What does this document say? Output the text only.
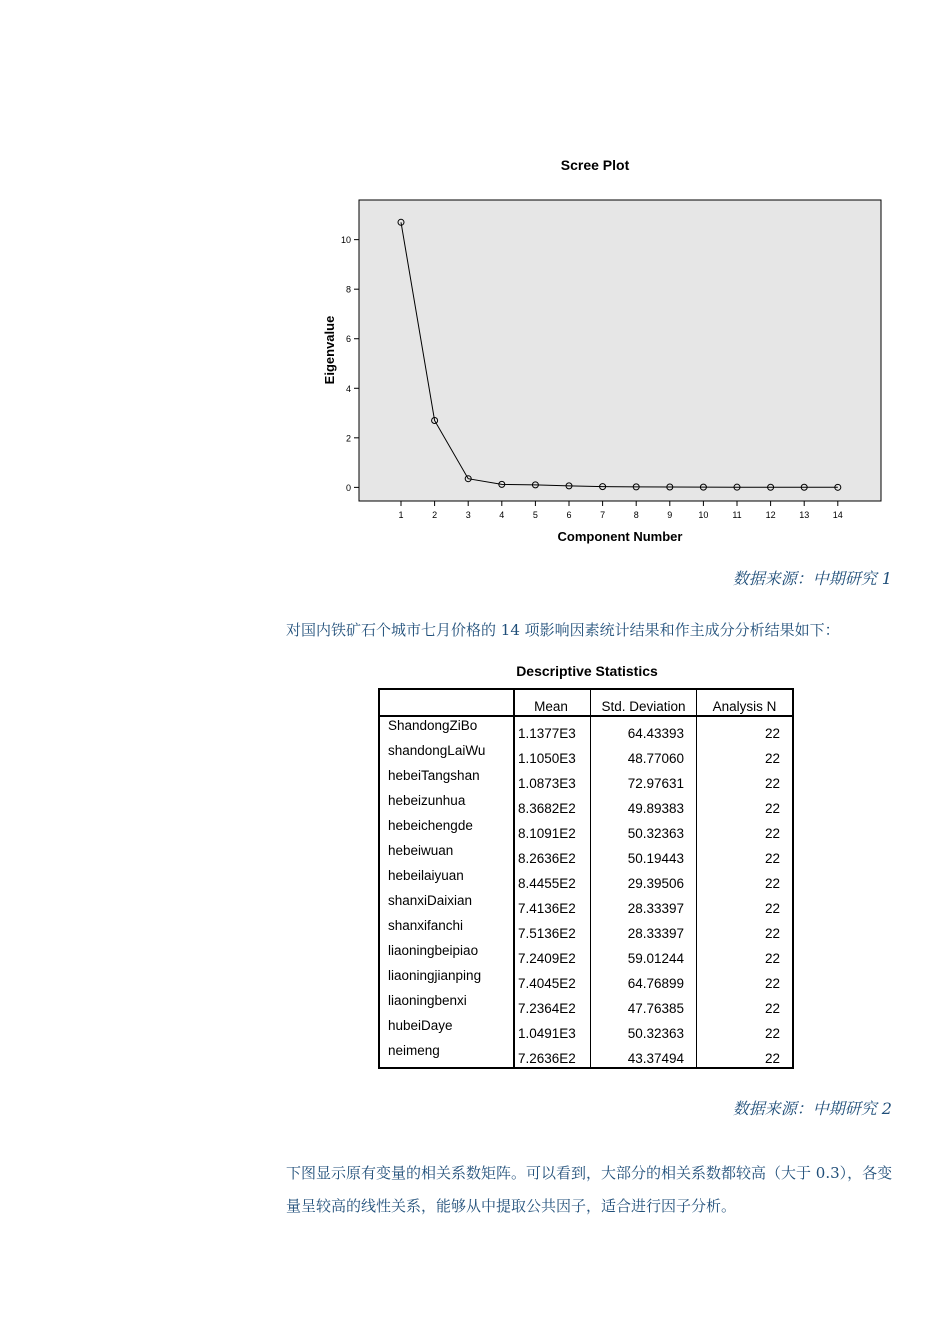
Scree Plot
Eigenvalue
Component Number
0
2
4
6
8
10
1	2	3	4	5	6	7	8	9	10	11	12	13	14
数据来源：中期研究 1

对国内铁矿石个城市七月价格的 14 项影响因素统计结果和作主成分分析结果如下：

Descriptive Statistics
	Mean	Std. Deviation	Analysis N
ShandongZiBo	1.1377E3	64.43393	22
shandongLaiWu	1.1050E3	48.77060	22
hebeiTangshan	1.0873E3	72.97631	22
hebeizunhua	8.3682E2	49.89383	22
hebeichengde	8.1091E2	50.32363	22
hebeiwuan	8.2636E2	50.19443	22
hebeilaiyuan	8.4455E2	29.39506	22
shanxiDaixian	7.4136E2	28.33397	22
shanxifanchi	7.5136E2	28.33397	22
liaoningbeipiao	7.2409E2	59.01244	22
liaoningjianping	7.4045E2	64.76899	22
liaoningbenxi	7.2364E2	47.76385	22
hubeiDaye	1.0491E3	50.32363	22
neimeng	7.2636E2	43.37494	22
数据来源：中期研究 2

下图显示原有变量的相关系数矩阵。可以看到，大部分的相关系数都较高（大于 0.3），各变量呈较高的线性关系，能够从中提取公共因子，适合进行因子分析。
